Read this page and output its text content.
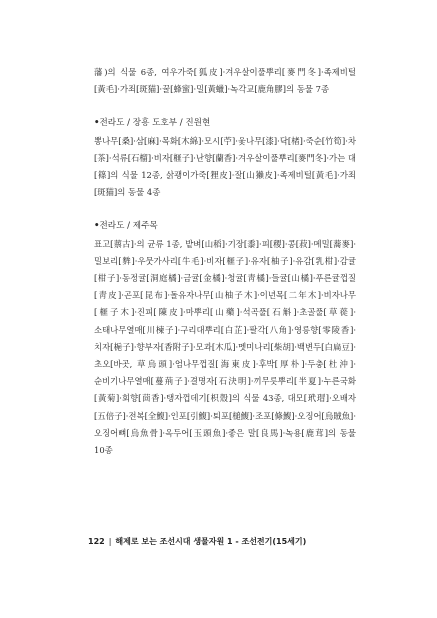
藩)의 식물 6종, 여우가죽[狐皮]·겨우살이풀뿌리[麥門冬]·족제비털[黃毛]·가죄[斑猫]·꿀[蜂蜜]·밀[黃蠟]·녹각교[鹿角膠]의 동물 7종

•전라도 / 장흥 도호부 / 진원현

뽕나무[桑]·삼[麻]·목화[木綿]·모시[苧]·옻나무[漆]·닥[楮]·죽순[竹筍]·차[茶]·석류[石榴]·비자[榧子]·난향[蘭香]·겨우살이풀뿌리[麥門冬]·가는 대[篠]의 식물 12종, 삵괭이가죽[狸皮]·잘[山獺皮]·족제비털[黃毛]·가죄[斑猫]의 동물 4종

•전라도 / 제주목

표고[蔈古]·의 균류 1종, 밭벼[山稻]·기장[黍]·피[稷]·콩[菽]·메밀[蕎麥]·밀보리[麰]·우뭇가사리[牛毛]·비자[榧子]·유자[柚子]·유감[乳柑]·감귤[柑子]·동정귤[洞庭橘]·금귤[金橘]·청귤[靑橘]·들귤[山橘]·푸른귤껍질[靑皮]·곤포[昆布]·돌유자나무[山柚子木]·이년목[二年木]·비자나무[榧子木]·진피[陳皮]·마뿌리[山藥]·석곡풀[石斛]·초골풀[草蓯]·소태나무열매[川楝子]·구리대뿌리[白芷]·팔각[八角]·영릉향[零陵香]·치자[梔子]·향부자[香附子]·모과[木瓜]·멧미나리[柴胡]·백변두[白扁豆]·초오[바곳, 草烏頭]·엄나무껍질[海東皮]·후박[厚朴]·두충[杜沖]·순비기나무열매[蔓荊子]·결명자[石決明]·끼무릇뿌리[半夏]·누른국화[黃菊]·회향[茴香]·탱자껍데기[枳殼]의 식물 43종, 대모[玳瑁]·오배자[五倍子]·전복[全鰒]·인포[引鰒]·퇴포[槌鰒]·조포[條鰒]·오징어[烏賊魚]·오징어뼈[烏魚骨]·옥두어[玉頭魚]·좋은 말[良馬]·녹용[鹿茸]의 동물 10종

122 | 해제로 보는 조선시대 생물자원 1 - 조선전기(15세기)
